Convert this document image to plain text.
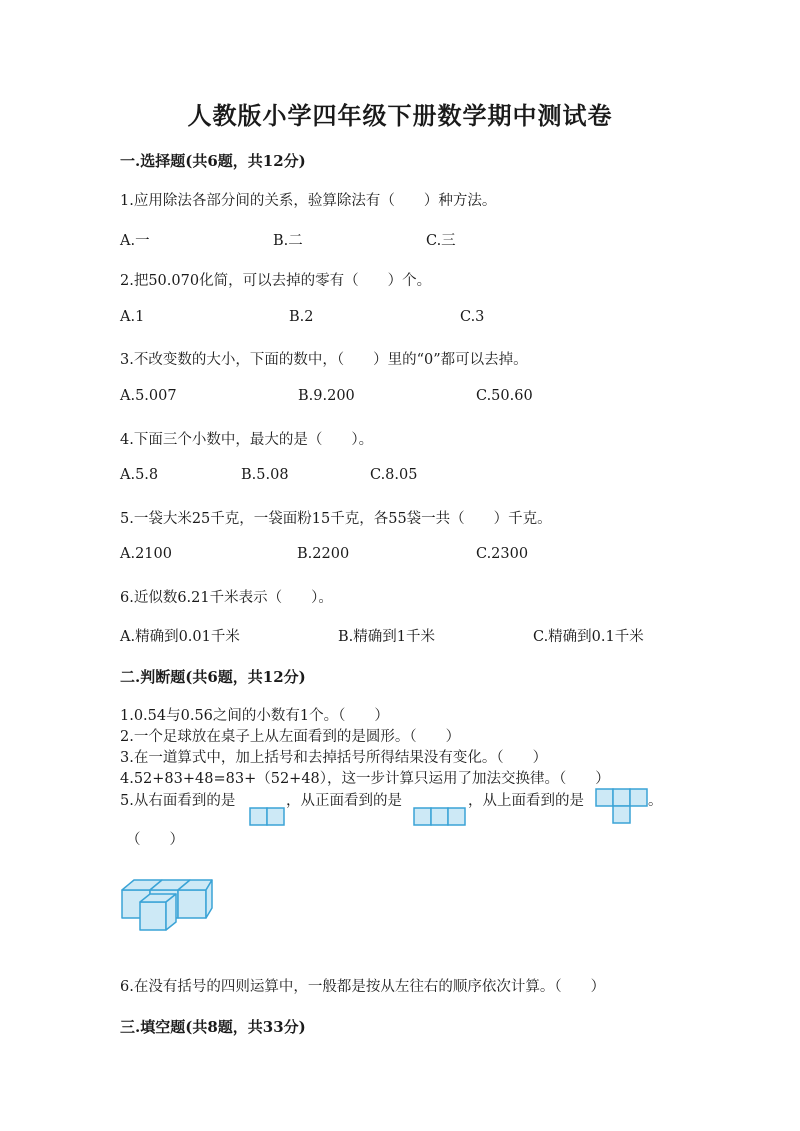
人教版小学四年级下册数学期中测试卷
一.选择题(共6题，共12分)
1.应用除法各部分间的关系，验算除法有（　　）种方法。
A.一	B.二	C.三
2.把50.070化简，可以去掉的零有（　　）个。
A.1	B.2	C.3
3.不改变数的大小，下面的数中，（　　）里的“0”都可以去掉。
A.5.007	B.9.200	C.50.60
4.下面三个小数中，最大的是（　　）。
A.5.8	B.5.08	C.8.05
5.一袋大米25千克，一袋面粉15千克，各55袋一共（　　）千克。
A.2100	B.2200	C.2300
6.近似数6.21千米表示（　　）。
A.精确到0.01千米	B.精确到1千米	C.精确到0.1千米
二.判断题(共6题，共12分)
1.0.54与0.56之间的小数有1个。（　　）
2.一个足球放在桌子上从左面看到的是圆形。（　　）
3.在一道算式中，加上括号和去掉括号所得结果没有变化。（　　）
4.52+83+48=83+（52+48），这一步计算只运用了加法交换律。（　　）
5.从右面看到的是	，从正面看到的是	，从上面看到的是	。
（　　）
6.在没有括号的四则运算中，一般都是按从左往右的顺序依次计算。（　　）
三.填空题(共8题，共33分)
